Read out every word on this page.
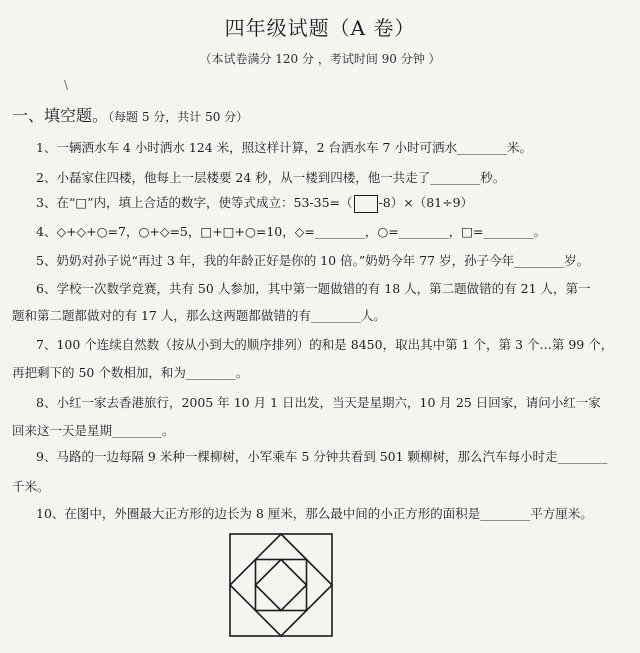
四年级试题（A 卷）
（本试卷满分 120 分 ，考试时间 90 分钟 ）
一、填空题。（每题 5 分，共计 50 分）
1、一辆洒水车 4 小时洒水 124 米，照这样计算，2 台洒水车 7 小时可洒水________米。
2、小磊家住四楼，他每上一层楼要 24 秒，从一楼到四楼，他一共走了________秒。
3、在“□”内，填上合适的数字，使等式成立：53-35=（ -8）×（81÷9）
4、◇+◇+○=7，○+◇=5，□+□+○=10，◇=________，○=________，□=________。
5、奶奶对孙子说“再过 3 年，我的年龄正好是你的 10 倍。”奶奶今年 77 岁，孙子今年________岁。
6、学校一次数学竞赛，共有 50 人参加，其中第一题做错的有 18 人，第二题做错的有 21 人，第一
题和第二题都做对的有 17 人，那么这两题都做错的有________人。
7、100 个连续自然数（按从小到大的顺序排列）的和是 8450，取出其中第 1 个，第 3 个…第 99 个，
再把剩下的 50 个数相加，和为________。
8、小红一家去香港旅行，2005 年 10 月 1 日出发，当天是星期六，10 月 25 日回家，请问小红一家
回来这一天是星期________。
9、马路的一边每隔 9 米种一棵柳树，小军乘车 5 分钟共看到 501 颗柳树，那么汽车每小时走________
千米。
10、在图中，外圈最大正方形的边长为 8 厘米，那么最中间的小正方形的面积是________平方厘米。
\
